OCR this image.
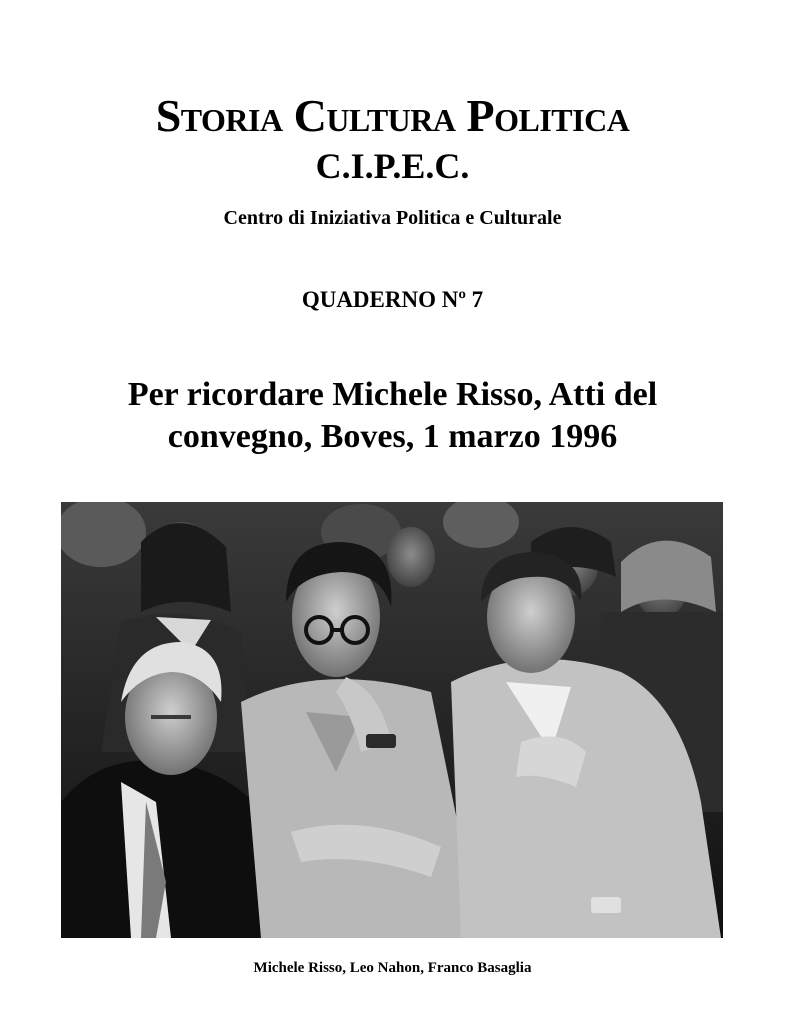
Storia Cultura Politica
C.I.P.E.C.
Centro di Iniziativa Politica e Culturale
QUADERNO Nº 7
Per ricordare Michele Risso, Atti del convegno, Boves, 1 marzo 1996
Michele Risso, Leo Nahon, Franco Basaglia
